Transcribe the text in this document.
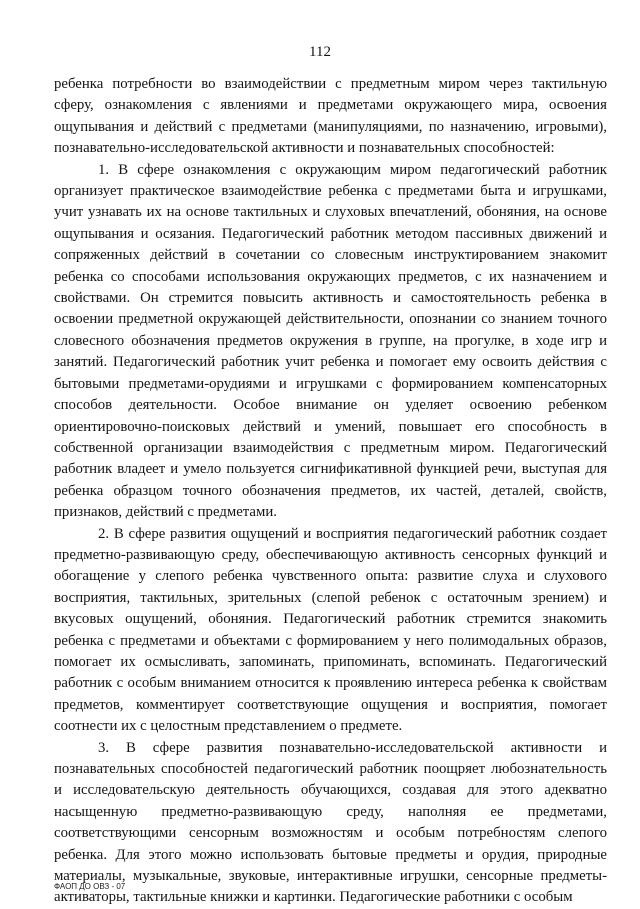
112

ребенка потребности во взаимодействии с предметным миром через тактильную сферу, ознакомления с явлениями и предметами окружающего мира, освоения ощупывания и действий с предметами (манипуляциями, по назначению, игровыми), познавательно-исследовательской активности и познавательных способностей:

1. В сфере ознакомления с окружающим миром педагогический работник организует практическое взаимодействие ребенка с предметами быта и игрушками, учит узнавать их на основе тактильных и слуховых впечатлений, обоняния, на основе ощупывания и осязания. Педагогический работник методом пассивных движений и сопряженных действий в сочетании со словесным инструктированием знакомит ребенка со способами использования окружающих предметов, с их назначением и свойствами. Он стремится повысить активность и самостоятельность ребенка в освоении предметной окружающей действительности, опознании со знанием точного словесного обозначения предметов окружения в группе, на прогулке, в ходе игр и занятий. Педагогический работник учит ребенка и помогает ему освоить действия с бытовыми предметами-орудиями и игрушками с формированием компенсаторных способов деятельности. Особое внимание он уделяет освоению ребенком ориентировочно-поисковых действий и умений, повышает его способность в собственной организации взаимодействия с предметным миром. Педагогический работник владеет и умело пользуется сигнификативной функцией речи, выступая для ребенка образцом точного обозначения предметов, их частей, деталей, свойств, признаков, действий с предметами.

2. В сфере развития ощущений и восприятия педагогический работник создает предметно-развивающую среду, обеспечивающую активность сенсорных функций и обогащение у слепого ребенка чувственного опыта: развитие слуха и слухового восприятия, тактильных, зрительных (слепой ребенок с остаточным зрением) и вкусовых ощущений, обоняния. Педагогический работник стремится знакомить ребенка с предметами и объектами с формированием у него полимодальных образов, помогает их осмысливать, запоминать, припоминать, вспоминать. Педагогический работник с особым вниманием относится к проявлению интереса ребенка к свойствам предметов, комментирует соответствующие ощущения и восприятия, помогает соотнести их с целостным представлением о предмете.

3. В сфере развития познавательно-исследовательской активности и познавательных способностей педагогический работник поощряет любознательность и исследовательскую деятельность обучающихся, создавая для этого адекватно насыщенную предметно-развивающую среду, наполняя ее предметами, соответствующими сенсорным возможностям и особым потребностям слепого ребенка. Для этого можно использовать бытовые предметы и орудия, природные материалы, музыкальные, звуковые, интерактивные игрушки, сенсорные предметы-активаторы, тактильные книжки и картинки. Педагогические работники с особым

ФАОП ДО ОВЗ - 07
